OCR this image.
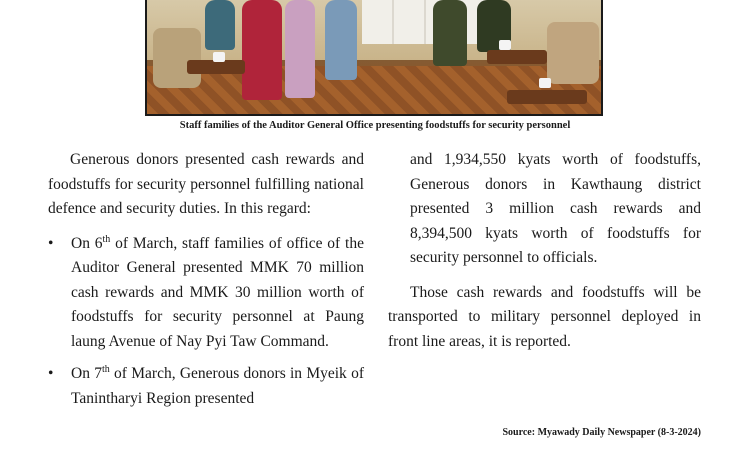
Staff families of the Auditor General Office presenting foodstuffs for security personnel

Generous donors presented cash rewards and foodstuffs for security personnel fulfilling national defence and security duties. In this regard:

• On 6th of March, staff families of office of the Auditor General presented MMK 70 million cash rewards and MMK 30 million worth of foodstuffs for security personnel at Paung laung Avenue of Nay Pyi Taw Command.
• On 7th of March, Generous donors in Myeik of Tanintharyi Region presented

and 1,934,550 kyats worth of foodstuffs, Generous donors in Kawthaung district presented 3 million cash rewards and 8,394,500 kyats worth of foodstuffs for security personnel to officials.

Those cash rewards and foodstuffs will be transported to military personnel deployed in front line areas, it is reported.

Source: Myawady Daily Newspaper (8-3-2024)
